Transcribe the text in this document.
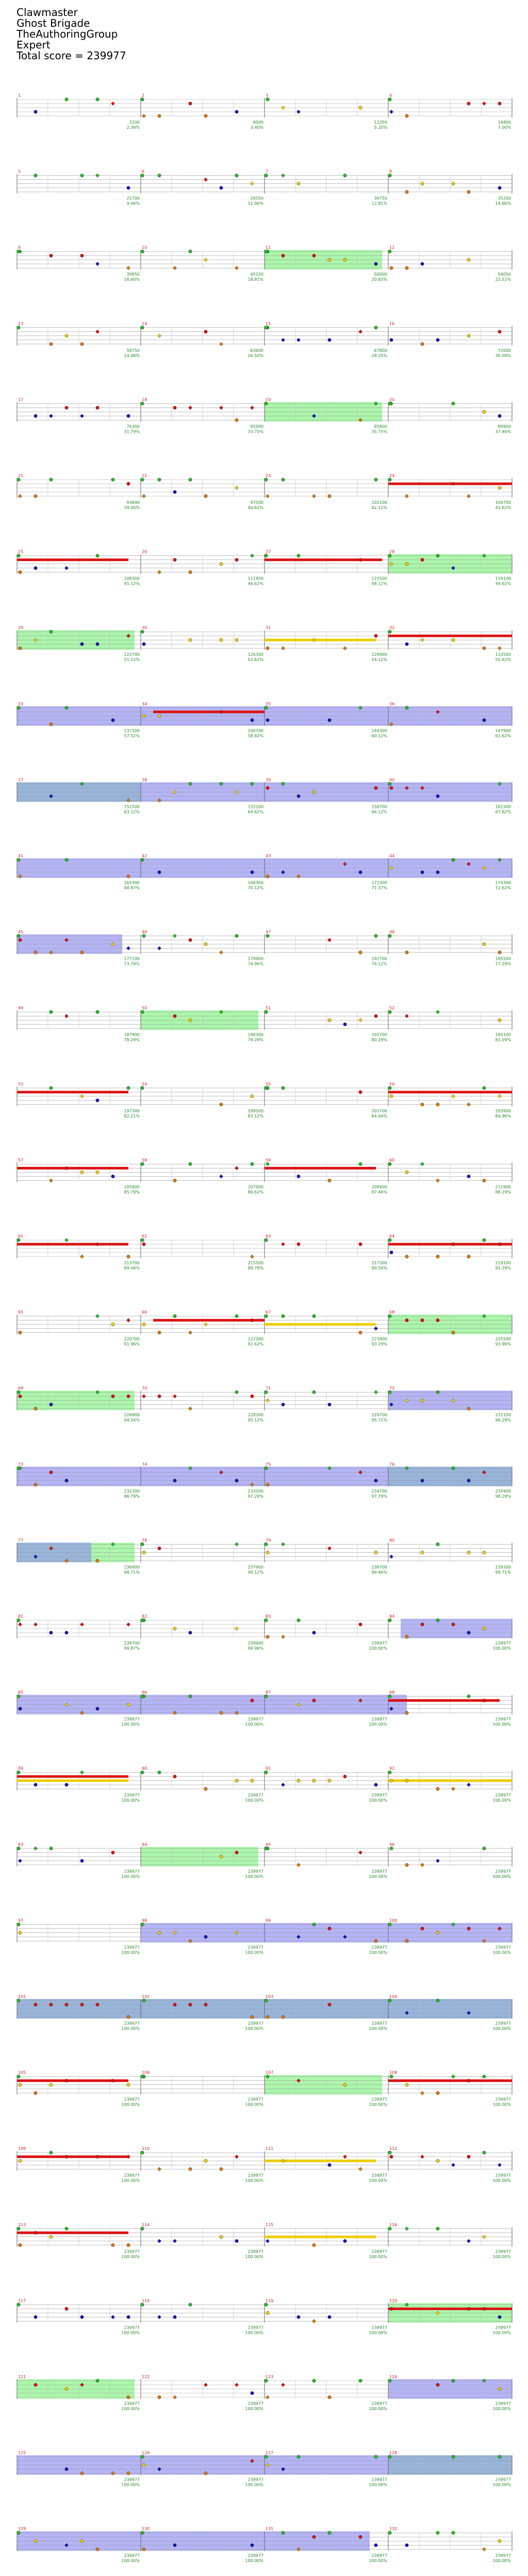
Clawmaster
Ghost Brigade
TheAuthoringGroup
Expert
Total score = 239977
1	2	3	4
3100	8000	12350	16800
2.36%	3.40%	5.20%	7.00%
5	6	7	8
21700	26550	30750	35200
9.04%	11.06%	12.81%	14.66%
9	10	11	12
39850	45150	50000	54050
16.60%	18.81%	20.83%	22.52%
13	14	15	16
58750	63600	67800	72000
24.48%	26.50%	28.25%	30.00%
17	18	19	20
76300	81000	85800	89900
31.79%	33.75%	35.75%	37.46%
21	22	23	24
93600	97500	101100	104700
39.00%	40.62%	42.12%	43.62%
25	26	27	28
108300	111900	115500	119100
45.12%	46.62%	48.12%	49.62%
29	30	31	32
122700	126300	129900	133500
51.12%	52.62%	54.12%	55.62%
33	34	35	36
137100	140700	144300	147900
57.12%	58.62%	60.12%	61.62%
37	38	39	40
151500	155100	158700	162300
63.12%	64.62%	66.12%	67.62%
41	42	43	44
165300	168300	171300	174300
68.87%	70.12%	71.37%	72.62%
45	46	47	48
177100	179900	182700	185500
73.79%	74.96%	76.12%	77.29%
49	50	51	52
187900	190300	192700	195100
78.29%	79.29%	80.29%	81.29%
53	54	55	56
197300	199500	201700	203900
82.21%	83.12%	84.04%	84.96%
57	58	59	60
205900	207900	209900	211900
85.79%	86.62%	87.46%	88.29%
61	62	63	64
213700	215500	217300	219100
89.04%	89.79%	90.54%	91.29%
65	66	67	68
220700	222300	223900	225500
91.96%	92.62%	93.29%	93.96%
69	70	71	72
226900	228300	229700	231100
94.54%	95.12%	95.71%	96.29%
73	74	75	76
232300	233500	234700	235900
96.79%	97.29%	97.79%	98.29%
77	78	79	80
236900	237900	238700	239300
98.71%	99.12%	99.46%	99.71%
81	82	83	84
239700	239900	239977	239977
99.87%	99.96%	100.00%	100.00%
85	86	87	88
239977	239977	239977	239977
100.00%	100.00%	100.00%	100.00%
89	90	91	92
239977	239977	239977	239977
100.00%	100.00%	100.00%	100.00%
93	94	95	96
239977	239977	239977	239977
100.00%	100.00%	100.00%	100.00%
97	98	99	100
239977	239977	239977	239977
100.00%	100.00%	100.00%	100.00%
101	102	103	104
239977	239977	239977	239977
100.00%	100.00%	100.00%	100.00%
105	106	107	108
239977	239977	239977	239977
100.00%	100.00%	100.00%	100.00%
109	110	111	112
239977	239977	239977	239977
100.00%	100.00%	100.00%	100.00%
113	114	115	116
239977	239977	239977	239977
100.00%	100.00%	100.00%	100.00%
117	118	119	120
239977	239977	239977	239977
100.00%	100.00%	100.00%	100.00%
121	122	123	124
239977	239977	239977	239977
100.00%	100.00%	100.00%	100.00%
125	126	127	128
239977	239977	239977	239977
100.00%	100.00%	100.00%	100.00%
129	130	131	132
239977	239977	239977	239977
100.00%	100.00%	100.00%	100.00%
